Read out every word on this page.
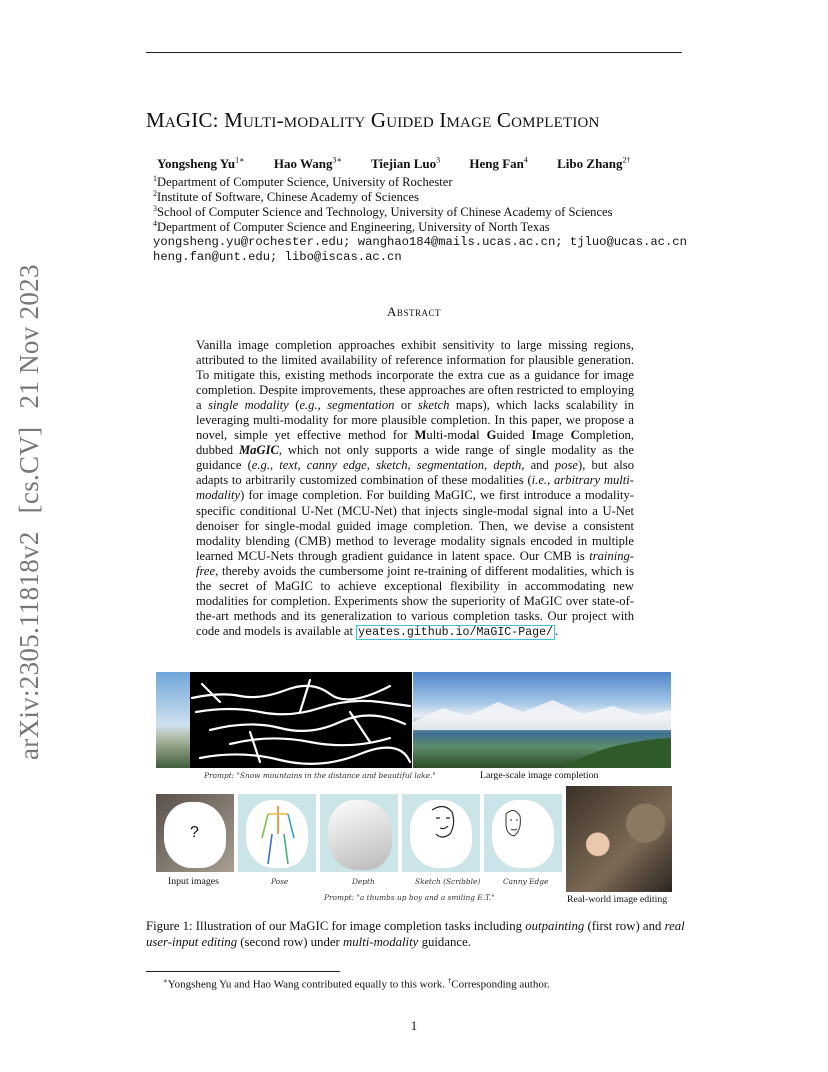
arXiv:2305.11818v2[cs.CV]21 Nov 2023
MaGIC: Multi-modality Guided Image Completion
Yongsheng $Yu^{1∗}$ Hao Wang$^{3∗}$ Tiejian Luo$^3$ Heng Fan$^4$ Libo Zhang$^{2\dagger}$
$^1$Department of Computer Science, University of Rochester
$^2$Institute of Software, Chinese Academy of Sciences
$^3$School of Computer Science and Technology, University of Chinese Academy of Sciences
$^4$Department of Computer Science and Engineering, University of North Texas
yongsheng.yu@rochester.edu; wanghao184@mails.ucas.ac.cn; tjluo@ucas.ac.cn
heng.fan@unt.edu; libo@iscas.ac.cn
Abstract
Vanilla image completion approaches exhibit sensitivity to large missing regions, attributed to the limited availability of reference information for plausible generation. To mitigate this, existing methods incorporate the extra cue as a guidance for image completion. Despite improvements, these approaches are often restricted to employing a single modality (e.g., segmentation or sketch maps), which lacks scalability in leveraging multi-modality for more plausible completion. In this paper, we propose a novel, simple yet effective method for Multi-modal Guided Image Completion, dubbed MaGIC, which not only supports a wide range of single modality as the guidance (e.g., text, canny edge, sketch, segmentation, depth, and pose), but also adapts to arbitrarily customized combination of these modalities (i.e., arbitrary multi-modality) for image completion. For building MaGIC, we first introduce a modality-specific conditional U-Net (MCU-Net) that injects single-modal signal into a U-Net denoiser for single-modal guided image completion. Then, we devise a consistent modality blending (CMB) method to leverage modality signals encoded in multiple learned MCU-Nets through gradient guidance in latent space. Our CMB is training-free, thereby avoids the cumbersome joint re-training of different modalities, which is the secret of MaGIC to achieve exceptional flexibility in accommodating new modalities for completion. Experiments show the superiority of MaGIC over state-of-the-art methods and its generalization to various completion tasks. Our project with code and models is available at yeates.github.io/MaGIC-Page/ .
Prompt: "Snow mountains in the distance and beautiful lake."	Large-scale image completion
?
Input images	Pose	Depth	Sketch (Scribble)	Canny Edge
Prompt: "a thumbs up boy and a smiling E.T."	Real-world image editing
Figure 1: Illustration of our MaGIC for image completion tasks including outpainting (first row) and real user-input editing (second row) under multi-modality guidance.
∗Yongsheng Yu and Hao Wang contributed equally to this work. †Corresponding author.
1
